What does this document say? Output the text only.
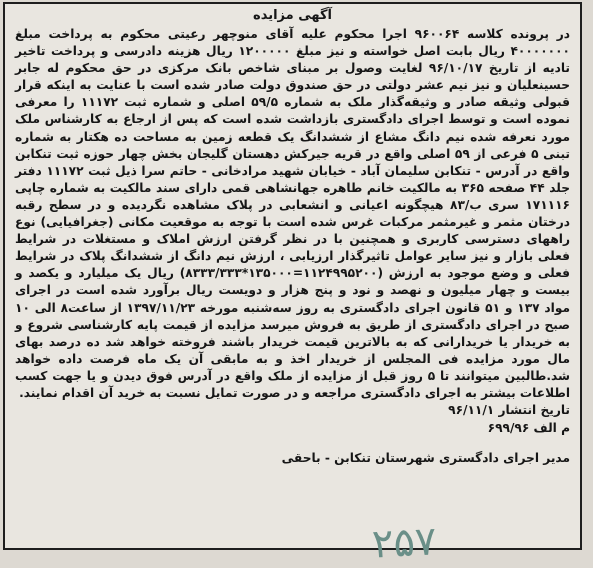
آگهی مزایده

در پرونده کلاسه ۹۶۰۰۶۴ اجرا محکوم علیه آقای منوچهر رعیتی محکوم به پرداخت مبلغ ۴۰۰۰۰۰۰۰ ریال بابت اصل خواسته و نیز مبلغ ۱۲۰۰۰۰۰ ریال هزینه دادرسی و پرداخت تاخیر تادیه از تاریخ ۹۶/۱۰/۱۷ لغایت وصول بر مبنای شاخص بانک مرکزی در حق محکوم له جابر حسینعلیان و نیز نیم عشر دولتی در حق صندوق دولت صادر شده است با عنایت به اینکه قرار قبولی وثیقه صادر و وثیقه‌گذار ملک به شماره ۵۹/۵ اصلی و شماره ثبت ۱۱۱۷۲ را معرفی نموده است و توسط اجرای دادگستری بازداشت شده است که پس از ارجاع به کارشناس ملک مورد نعرفه شده نیم دانگ مشاع از ششدانگ یک قطعه زمین به مساحت ده هکتار به شماره تبنی ۵ فرعی از ۵۹ اصلی واقع در قریه جیرکش دهستان گلیجان بخش چهار حوزه ثبت تنکابن واقع در آدرس - تنکابن سلیمان آباد - خیابان شهید مرادخانی - حاتم سرا ذیل ثبت ۱۱۱۷۲ دفتر جلد ۴۴ صفحه ۳۶۵ به مالکیت خانم طاهره جهانشاهی قمی دارای سند مالکیت به شماره چاپی ۱۷۱۱۱۶ سری ب/۸۳ هیچگونه اعیانی و انشعابی در پلاک مشاهده نگردیده و در سطح رقبه درختان مثمر و غیرمثمر مرکبات غرس شده است با توجه به موقعیت مکانی (جغرافیایی) نوع راههای دسترسی کاربری و همچنین با در نظر گرفتن ارزش املاک و مستغلات در شرایط فعلی بازار و نیز سایر عوامل تاثیرگذار ارزیابی ، ارزش نیم دانگ از ششدانگ پلاک در شرایط فعلی و وضع موجود به ارزش (۱۱۲۴۹۹۵۲۰۰=۱۳۵۰۰۰*۸۳۳۳/۳۳۳) ریال یک میلیارد و یکصد و بیست و چهار میلیون و نهصد و نود و پنج هزار و دویست ریال برآورد شده است در اجرای مواد ۱۳۷ و ۵۱ قانون اجرای دادگستری به روز سه‌شنبه مورخه ۱۳۹۷/۱۱/۲۳ از ساعت۸ الی ۱۰ صبح در اجرای دادگستری از طریق به فروش میرسد مزایده از قیمت پایه کارشناسی شروع و به خریدار یا خریدارانی که به بالاترین قیمت خریدار باشند فروخته خواهد شد ده درصد بهای مال مورد مزایده فی المجلس از خریدار اخذ و به مابقی آن یک ماه فرصت داده خواهد شد.طالبین میتوانند تا ۵ روز قبل از مزایده از ملک واقع در آدرس فوق دیدن و یا جهت کسب اطلاعات بیشتر به اجرای دادگستری مراجعه و در صورت تمایل نسبت به خرید آن اقدام نمایند.

تاریخ انتشار ۹۶/۱۱/۱
م الف ۶۹۹/۹۶
مدیر اجرای دادگستری شهرستان تنکابن - باحقی
۲۵۷
